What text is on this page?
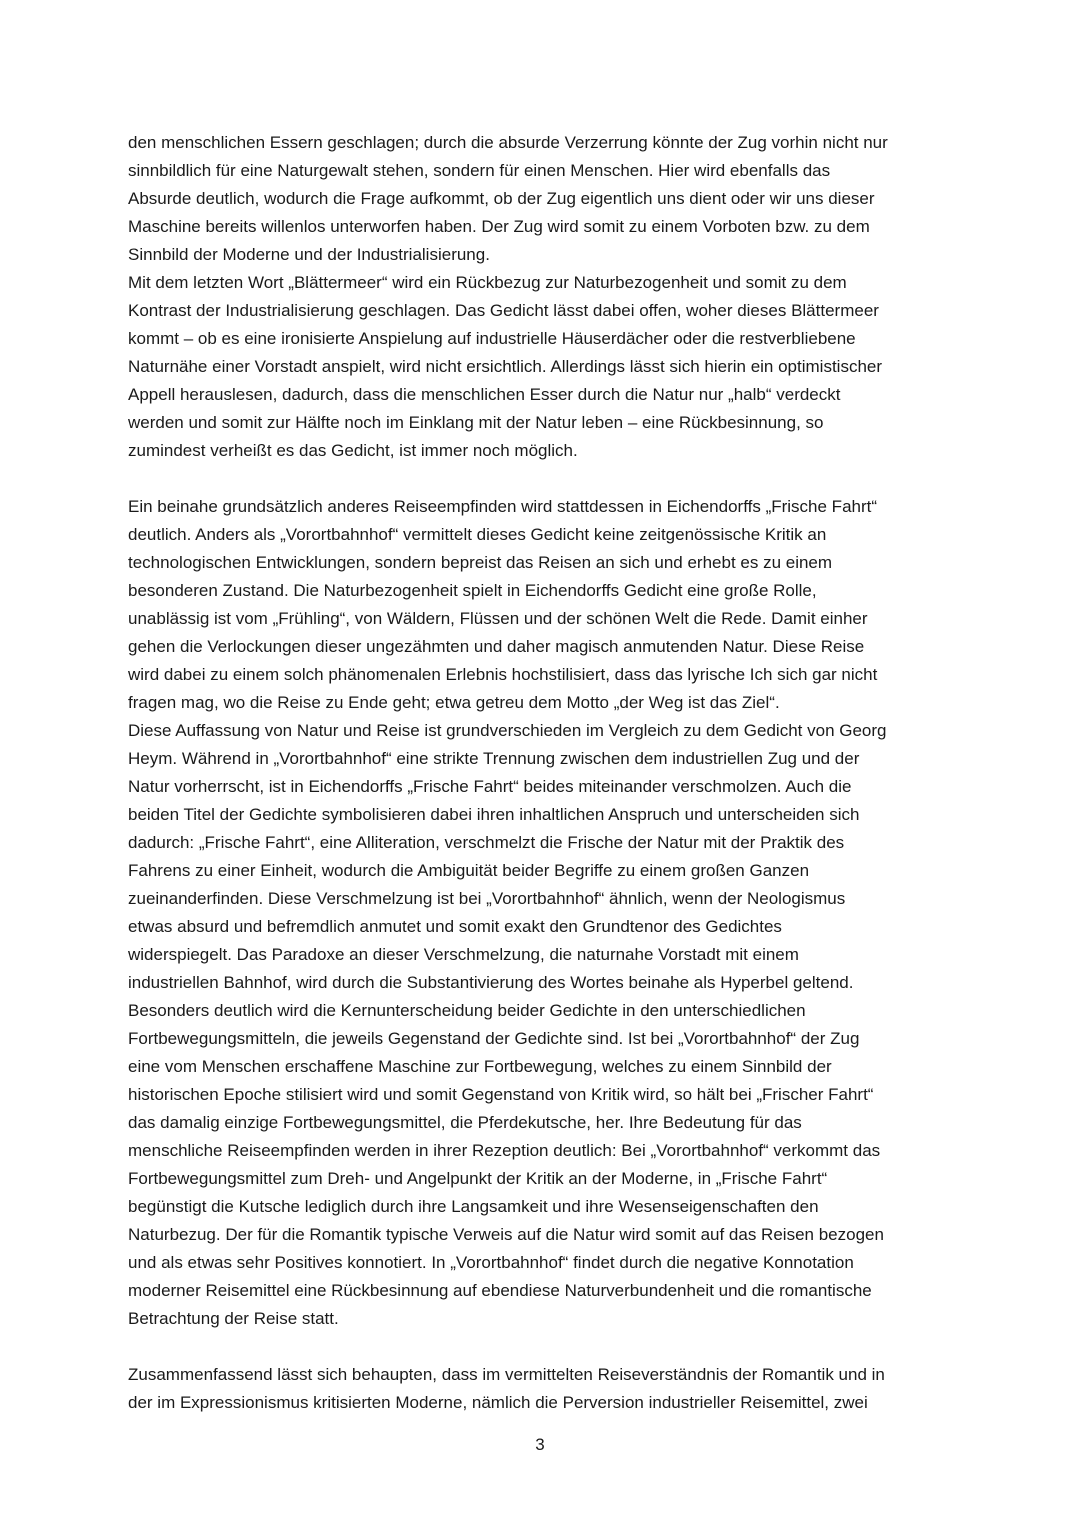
den menschlichen Essern geschlagen; durch die absurde Verzerrung könnte der Zug vorhin nicht nur
sinnbildlich für eine Naturgewalt stehen, sondern für einen Menschen. Hier wird ebenfalls das
Absurde deutlich, wodurch die Frage aufkommt, ob der Zug eigentlich uns dient oder wir uns dieser
Maschine bereits willenlos unterworfen haben. Der Zug wird somit zu einem Vorboten bzw. zu dem
Sinnbild der Moderne und der Industrialisierung.
Mit dem letzten Wort „Blättermeer“ wird ein Rückbezug zur Naturbezogenheit und somit zu dem
Kontrast der Industrialisierung geschlagen. Das Gedicht lässt dabei offen, woher dieses Blättermeer
kommt – ob es eine ironisierte Anspielung auf industrielle Häuserdächer oder die restverbliebene
Naturnähe einer Vorstadt anspielt, wird nicht ersichtlich. Allerdings lässt sich hierin ein optimistischer
Appell herauslesen, dadurch, dass die menschlichen Esser durch die Natur nur „halb“ verdeckt
werden und somit zur Hälfte noch im Einklang mit der Natur leben – eine Rückbesinnung, so
zumindest verheißt es das Gedicht, ist immer noch möglich.
Ein beinahe grundsätzlich anderes Reiseempfinden wird stattdessen in Eichendorffs „Frische Fahrt“
deutlich. Anders als „Vorortbahnhof“ vermittelt dieses Gedicht keine zeitgenössische Kritik an
technologischen Entwicklungen, sondern bepreist das Reisen an sich und erhebt es zu einem
besonderen Zustand. Die Naturbezogenheit spielt in Eichendorffs Gedicht eine große Rolle,
unablässig ist vom „Frühling“, von Wäldern, Flüssen und der schönen Welt die Rede. Damit einher
gehen die Verlockungen dieser ungezähmten und daher magisch anmutenden Natur. Diese Reise
wird dabei zu einem solch phänomenalen Erlebnis hochstilisiert, dass das lyrische Ich sich gar nicht
fragen mag, wo die Reise zu Ende geht; etwa getreu dem Motto „der Weg ist das Ziel“.
Diese Auffassung von Natur und Reise ist grundverschieden im Vergleich zu dem Gedicht von Georg
Heym. Während in „Vorortbahnhof“ eine strikte Trennung zwischen dem industriellen Zug und der
Natur vorherrscht, ist in Eichendorffs „Frische Fahrt“ beides miteinander verschmolzen. Auch die
beiden Titel der Gedichte symbolisieren dabei ihren inhaltlichen Anspruch und unterscheiden sich
dadurch: „Frische Fahrt“, eine Alliteration, verschmelzt die Frische der Natur mit der Praktik des
Fahrens zu einer Einheit, wodurch die Ambiguität beider Begriffe zu einem großen Ganzen
zueinanderfinden. Diese Verschmelzung ist bei „Vorortbahnhof“ ähnlich, wenn der Neologismus
etwas absurd und befremdlich anmutet und somit exakt den Grundtenor des Gedichtes
widerspiegelt. Das Paradoxe an dieser Verschmelzung, die naturnahe Vorstadt mit einem
industriellen Bahnhof, wird durch die Substantivierung des Wortes beinahe als Hyperbel geltend.
Besonders deutlich wird die Kernunterscheidung beider Gedichte in den unterschiedlichen
Fortbewegungsmitteln, die jeweils Gegenstand der Gedichte sind. Ist bei „Vorortbahnhof“ der Zug
eine vom Menschen erschaffene Maschine zur Fortbewegung, welches zu einem Sinnbild der
historischen Epoche stilisiert wird und somit Gegenstand von Kritik wird, so hält bei „Frischer Fahrt“
das damalig einzige Fortbewegungsmittel, die Pferdekutsche, her. Ihre Bedeutung für das
menschliche Reiseempfinden werden in ihrer Rezeption deutlich: Bei „Vorortbahnhof“ verkommt das
Fortbewegungsmittel zum Dreh- und Angelpunkt der Kritik an der Moderne, in „Frische Fahrt“
begünstigt die Kutsche lediglich durch ihre Langsamkeit und ihre Wesenseigenschaften den
Naturbezug. Der für die Romantik typische Verweis auf die Natur wird somit auf das Reisen bezogen
und als etwas sehr Positives konnotiert. In „Vorortbahnhof“ findet durch die negative Konnotation
moderner Reisemittel eine Rückbesinnung auf ebendiese Naturverbundenheit und die romantische
Betrachtung der Reise statt.
Zusammenfassend lässt sich behaupten, dass im vermittelten Reiseverständnis der Romantik und in
der im Expressionismus kritisierten Moderne, nämlich die Perversion industrieller Reisemittel, zwei
3
